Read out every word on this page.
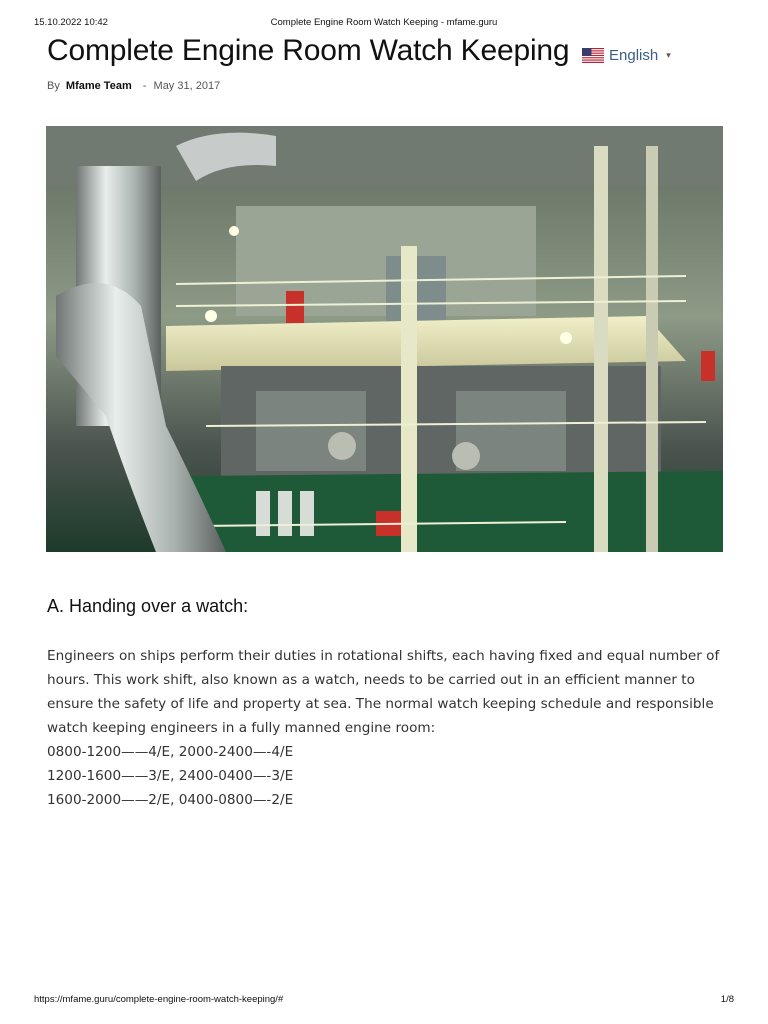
15.10.2022 10:42	Complete Engine Room Watch Keeping - mfame.guru
Complete Engine Room Watch Keeping	English ▾
By Mfame Team - May 31, 2017
A. Handing over a watch:

Engineers on ships perform their duties in rotational shifts, each having fixed and equal number of hours. This work shift, also known as a watch, needs to be carried out in an efficient manner to ensure the safety of life and property at sea. The normal watch keeping schedule and responsible watch keeping engineers in a fully manned engine room:

0800-1200——4/E, 2000-2400—-4/E
1200-1600——3/E, 2400-0400—-3/E
1600-2000——2/E, 0400-0800—-2/E
https://mfame.guru/complete-engine-room-watch-keeping/#	1/8
